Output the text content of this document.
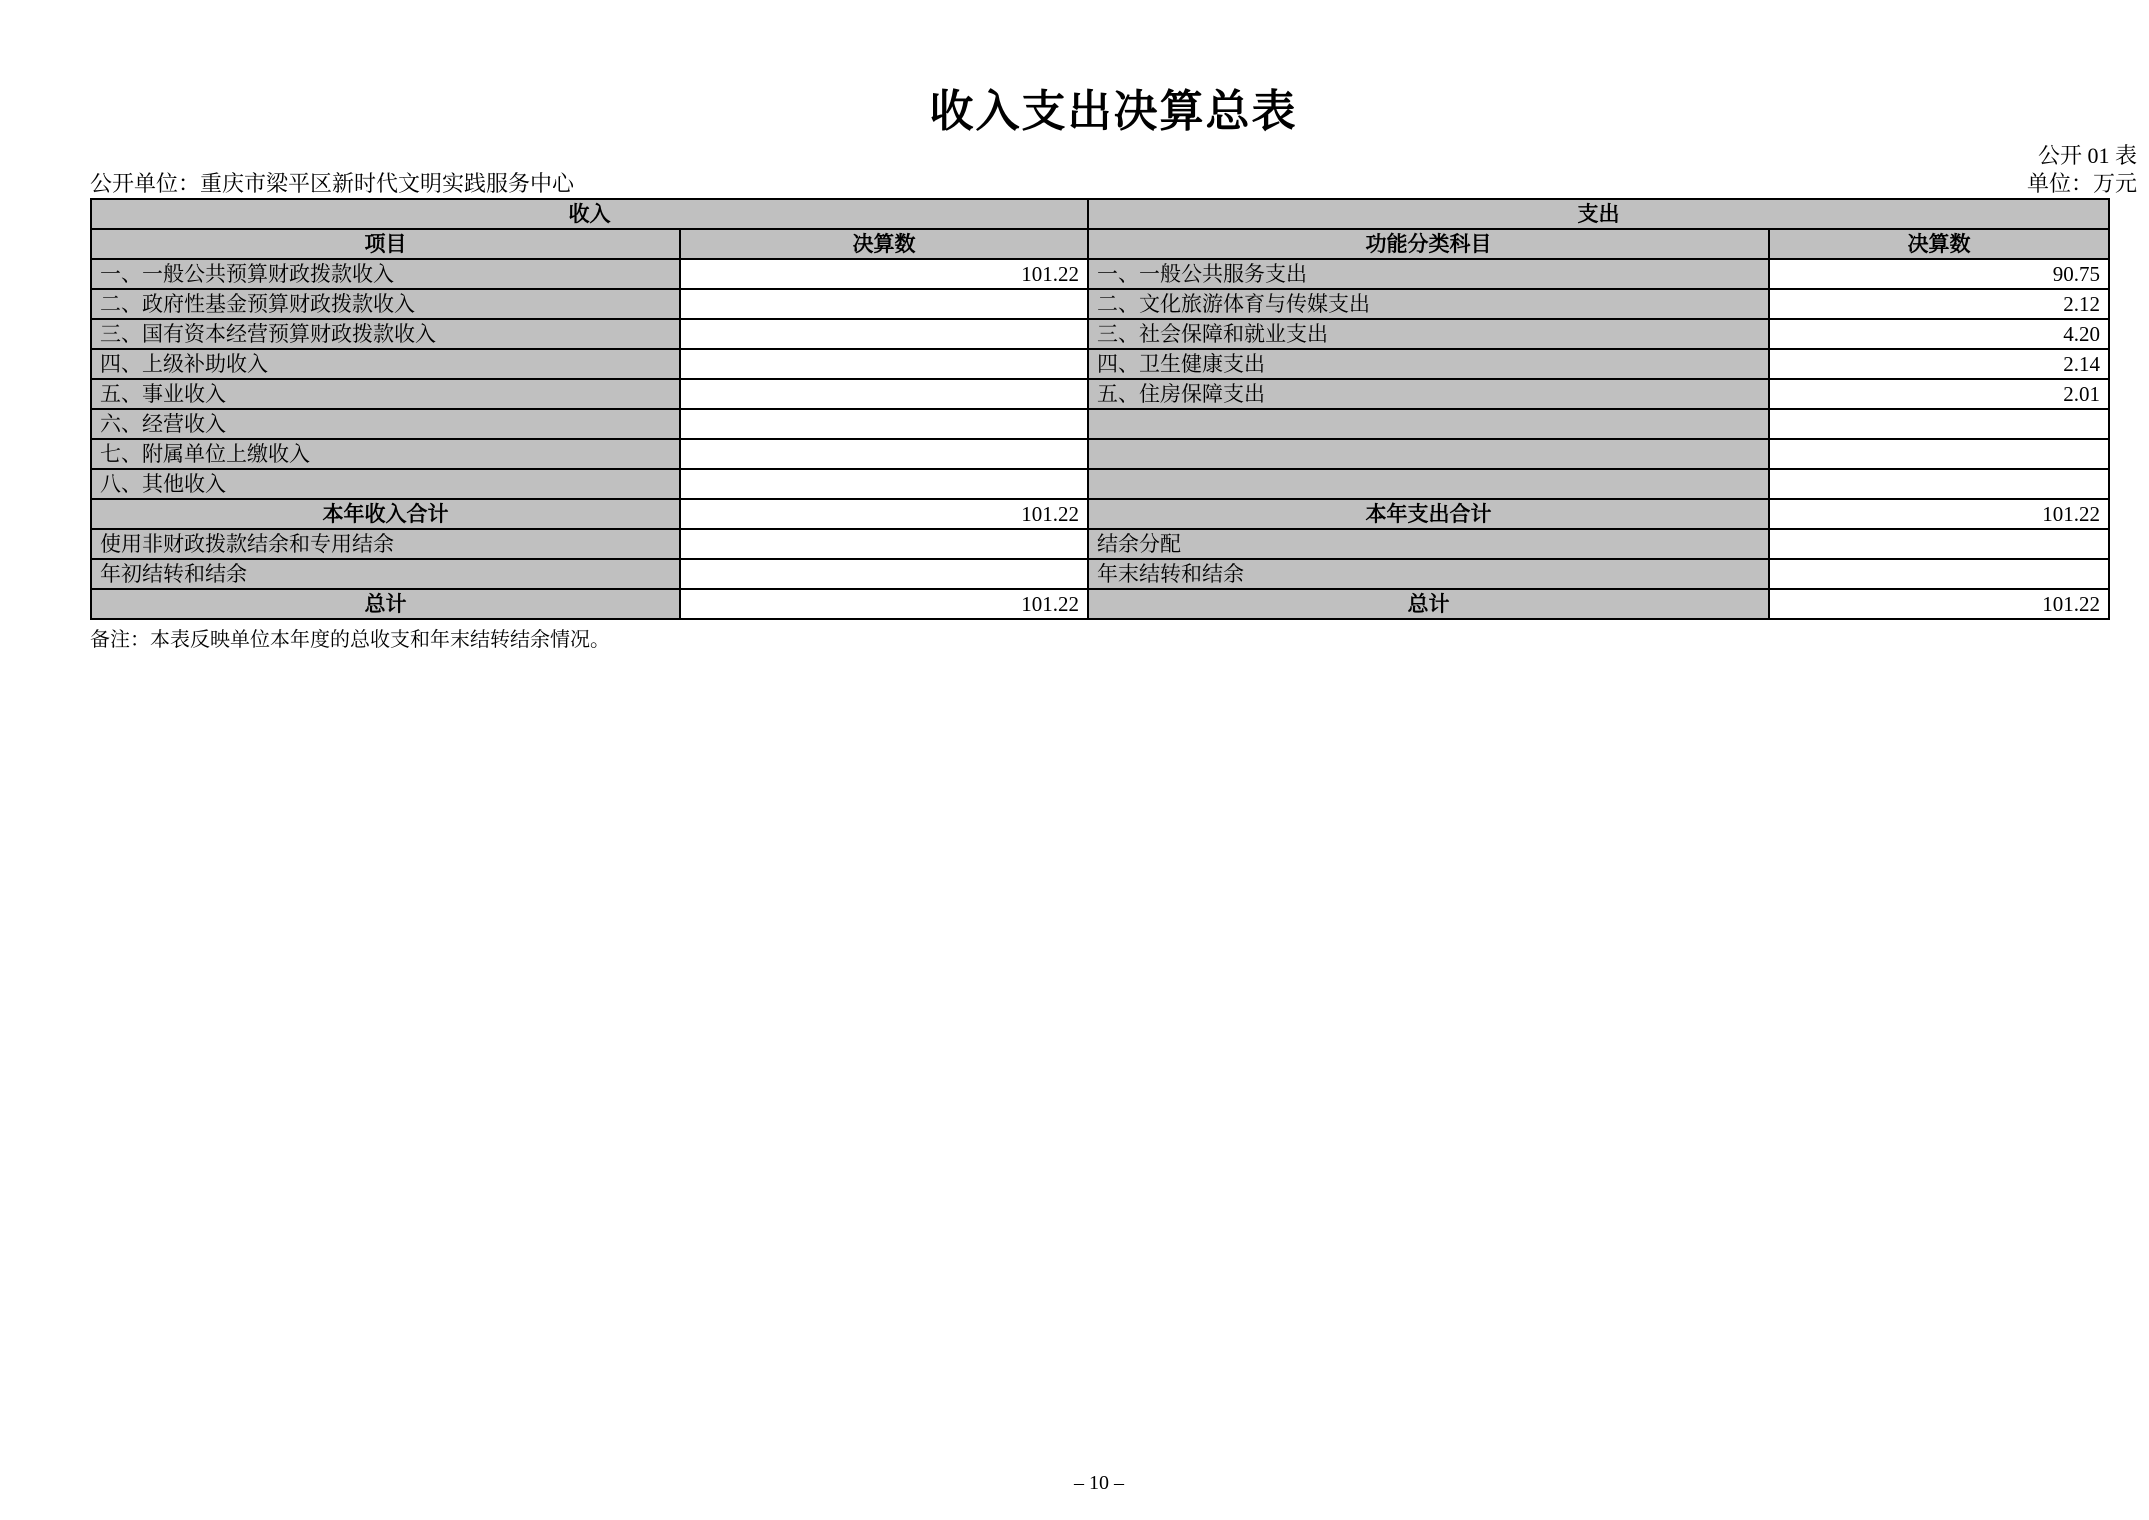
收入支出决算总表
公开 01 表
公开单位：重庆市梁平区新时代文明实践服务中心	单位：万元
收入		支出	
项目	决算数	功能分类科目	决算数
一、一般公共预算财政拨款收入	101.22	一、一般公共服务支出	90.75
二、政府性基金预算财政拨款收入		二、文化旅游体育与传媒支出	2.12
三、国有资本经营预算财政拨款收入		三、社会保障和就业支出	4.20
四、上级补助收入		四、卫生健康支出	2.14
五、事业收入		五、住房保障支出	2.01
六、经营收入			
七、附属单位上缴收入			
八、其他收入			
本年收入合计	101.22	本年支出合计	101.22
使用非财政拨款结余和专用结余		结余分配	
年初结转和结余		年末结转和结余	
总计	101.22	总计	101.22
备注：本表反映单位本年度的总收支和年末结转结余情况。
– 10 –
